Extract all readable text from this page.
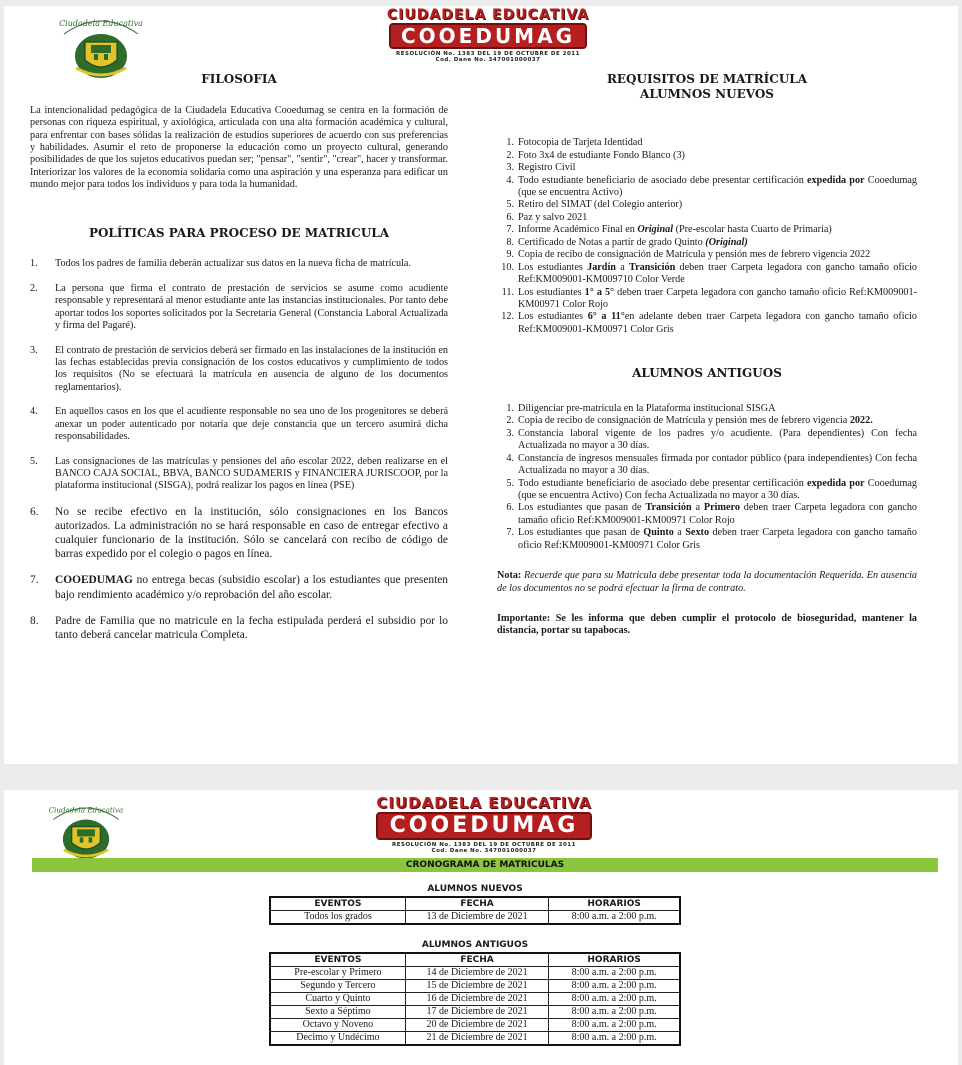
Ciudadela Educativa
CIUDADELA EDUCATIVA
COOEDUMAG
RESOLUCIÓN No. 1383 DEL 19 DE OCTUBRE DE 2011
Cod. Dane No. 347001000037
FILOSOFIA

La intencionalidad pedagógica de la Ciudadela Educativa Cooedumag se centra en la formación de personas con riqueza espiritual, y axiológica, articulada con una alta formación académica y cultural, para enfrentar con bases sólidas la realización de estudios superiores de acuerdo con sus preferencias y habilidades. Asumir el reto de proponerse la educación como un proyecto cultural, generando posibilidades de que los sujetos educativos puedan ser; "pensar", "sentir", "crear", hacer y transformar. Interiorizar los valores de la economía solidaria como una aspiración y una esperanza para edificar un mundo mejor para todos los individuos y para toda la humanidad.

POLÍTICAS PARA PROCESO DE MATRICULA
1. Todos los padres de familia deberán actualizar sus datos en la nueva ficha de matrícula.
2. La persona que firma el contrato de prestación de servicios se asume como acudiente responsable y representará al menor estudiante ante las instancias institucionales. Por tanto debe aportar todos los soportes solicitados por la Secretaria General (Constancia Laboral Actualizada y firma del Pagaré).
3. El contrato de prestación de servicios deberá ser firmado en las instalaciones de la institución en las fechas establecidas previa consignación de los costos educativos y cumplimiento de todos los requisitos (No se efectuará la matrícula en ausencia de alguno de los documentos reglamentarios).
4. En aquellos casos en los que el acudiente responsable no sea uno de los progenitores se deberá anexar un poder autenticado por notaria que deje constancia que un tercero asumirá dicha responsabilidades.
5. Las consignaciones de las matrículas y pensiones del año escolar 2022, deben realizarse en el BANCO CAJA SOCIAL, BBVA, BANCO SUDAMERIS y FINANCIERA JURISCOOP, por la plataforma institucional (SISGA), podrá realizar los pagos en línea (PSE)
6. No se recibe efectivo en la institución, sólo consignaciones en los Bancos autorizados. La administración no se hará responsable en caso de entregar efectivo a cualquier funcionario de la institución. Sólo se cancelará con recibo de código de barras expedido por el colegio o pagos en línea.
7. COOEDUMAG no entrega becas (subsidio escolar) a los estudiantes que presenten bajo rendimiento académico y/o reprobación del año escolar.
8. Padre de Familia que no matricule en la fecha estipulada perderá el subsidio por lo tanto deberá cancelar matricula Completa.
REQUISITOS DE MATRÍCULA
ALUMNOS NUEVOS
1. Fotocopia de Tarjeta Identidad
2. Foto 3x4 de estudiante Fondo Blanco (3)
3. Registro Civil
4. Todo estudiante beneficiario de asociado debe presentar certificación expedida por Cooedumag (que se encuentra Activo)
5. Retiro del SIMAT (del Colegio anterior)
6. Paz y salvo 2021
7. Informe Académico Final en Original (Pre-escolar hasta Cuarto de Primaria)
8. Certificado de Notas a partir de grado Quinto (Original)
9. Copia de recibo de consignación de Matrícula y pensión mes de febrero vigencia 2022
10. Los estudiantes Jardín a Transición deben traer Carpeta legadora con gancho tamaño oficio Ref:KM009001-KM009710 Color Verde
11. Los estudiantes 1° a 5° deben traer Carpeta legadora con gancho tamaño oficio Ref:KM009001-KM00971 Color Rojo
12. Los estudiantes 6° a 11°en adelante deben traer Carpeta legadora con gancho tamaño oficio Ref:KM009001-KM00971 Color Gris
ALUMNOS ANTIGUOS
1. Diligenciar pre-matricula en la Plataforma institucional SISGA
2. Copia de recibo de consignación de Matrícula y pensión mes de febrero vigencia 2022.
3. Constancia laboral vigente de los padres y/o acudiente. (Para dependientes) Con fecha Actualizada no mayor a 30 días.
4. Constancia de ingresos mensuales firmada por contador público (para independientes) Con fecha Actualizada no mayor a 30 días.
5. Todo estudiante beneficiario de asociado debe presentar certificación expedida por Cooedumag (que se encuentra Activo) Con fecha Actualizada no mayor a 30 días.
6. Los estudiantes que pasan de Transición a Primero deben traer Carpeta legadora con gancho tamaño oficio Ref:KM009001-KM00971 Color Rojo
7. Los estudiantes que pasan de Quinto a Sexto deben traer Carpeta legadora con gancho tamaño oficio Ref:KM009001-KM00971 Color Gris

Nota: Recuerde que para su Matricula debe presentar toda la documentación Requerida. En ausencia de los documentos no se podrá efectuar la firma de contrato.

Importante: Se les informa que deben cumplir el protocolo de bioseguridad, mantener la distancia, portar su tapabocas.

Ciudadela Educativa	CIUDADELA EDUCATIVA
COOEDUMAG
RESOLUCIÓN No. 1383 DEL 19 DE OCTUBRE DE 2011
Cod. Dane No. 347001000037
CRONOGRAMA DE MATRICULAS
ALUMNOS NUEVOS
EVENTOS	FECHA	HORARIOS
Todos los grados	13 de Diciembre de 2021	8:00 a.m. a 2:00 p.m.
ALUMNOS ANTIGUOS
EVENTOS	FECHA	HORARIOS
Pre-escolar y Primero	14 de Diciembre de 2021	8:00 a.m. a 2:00 p.m.
Segundo y Tercero	15 de Diciembre de 2021	8:00 a.m. a 2:00 p.m.
Cuarto y Quinto	16 de Diciembre de 2021	8:00 a.m. a 2:00 p.m.
Sexto a Séptimo	17 de Diciembre de 2021	8:00 a.m. a 2:00 p.m.
Octavo y Noveno	20 de Diciembre de 2021	8:00 a.m. a 2:00 p.m.
Decimo y Undécimo	21 de Diciembre de 2021	8:00 a.m. a 2:00 p.m.
